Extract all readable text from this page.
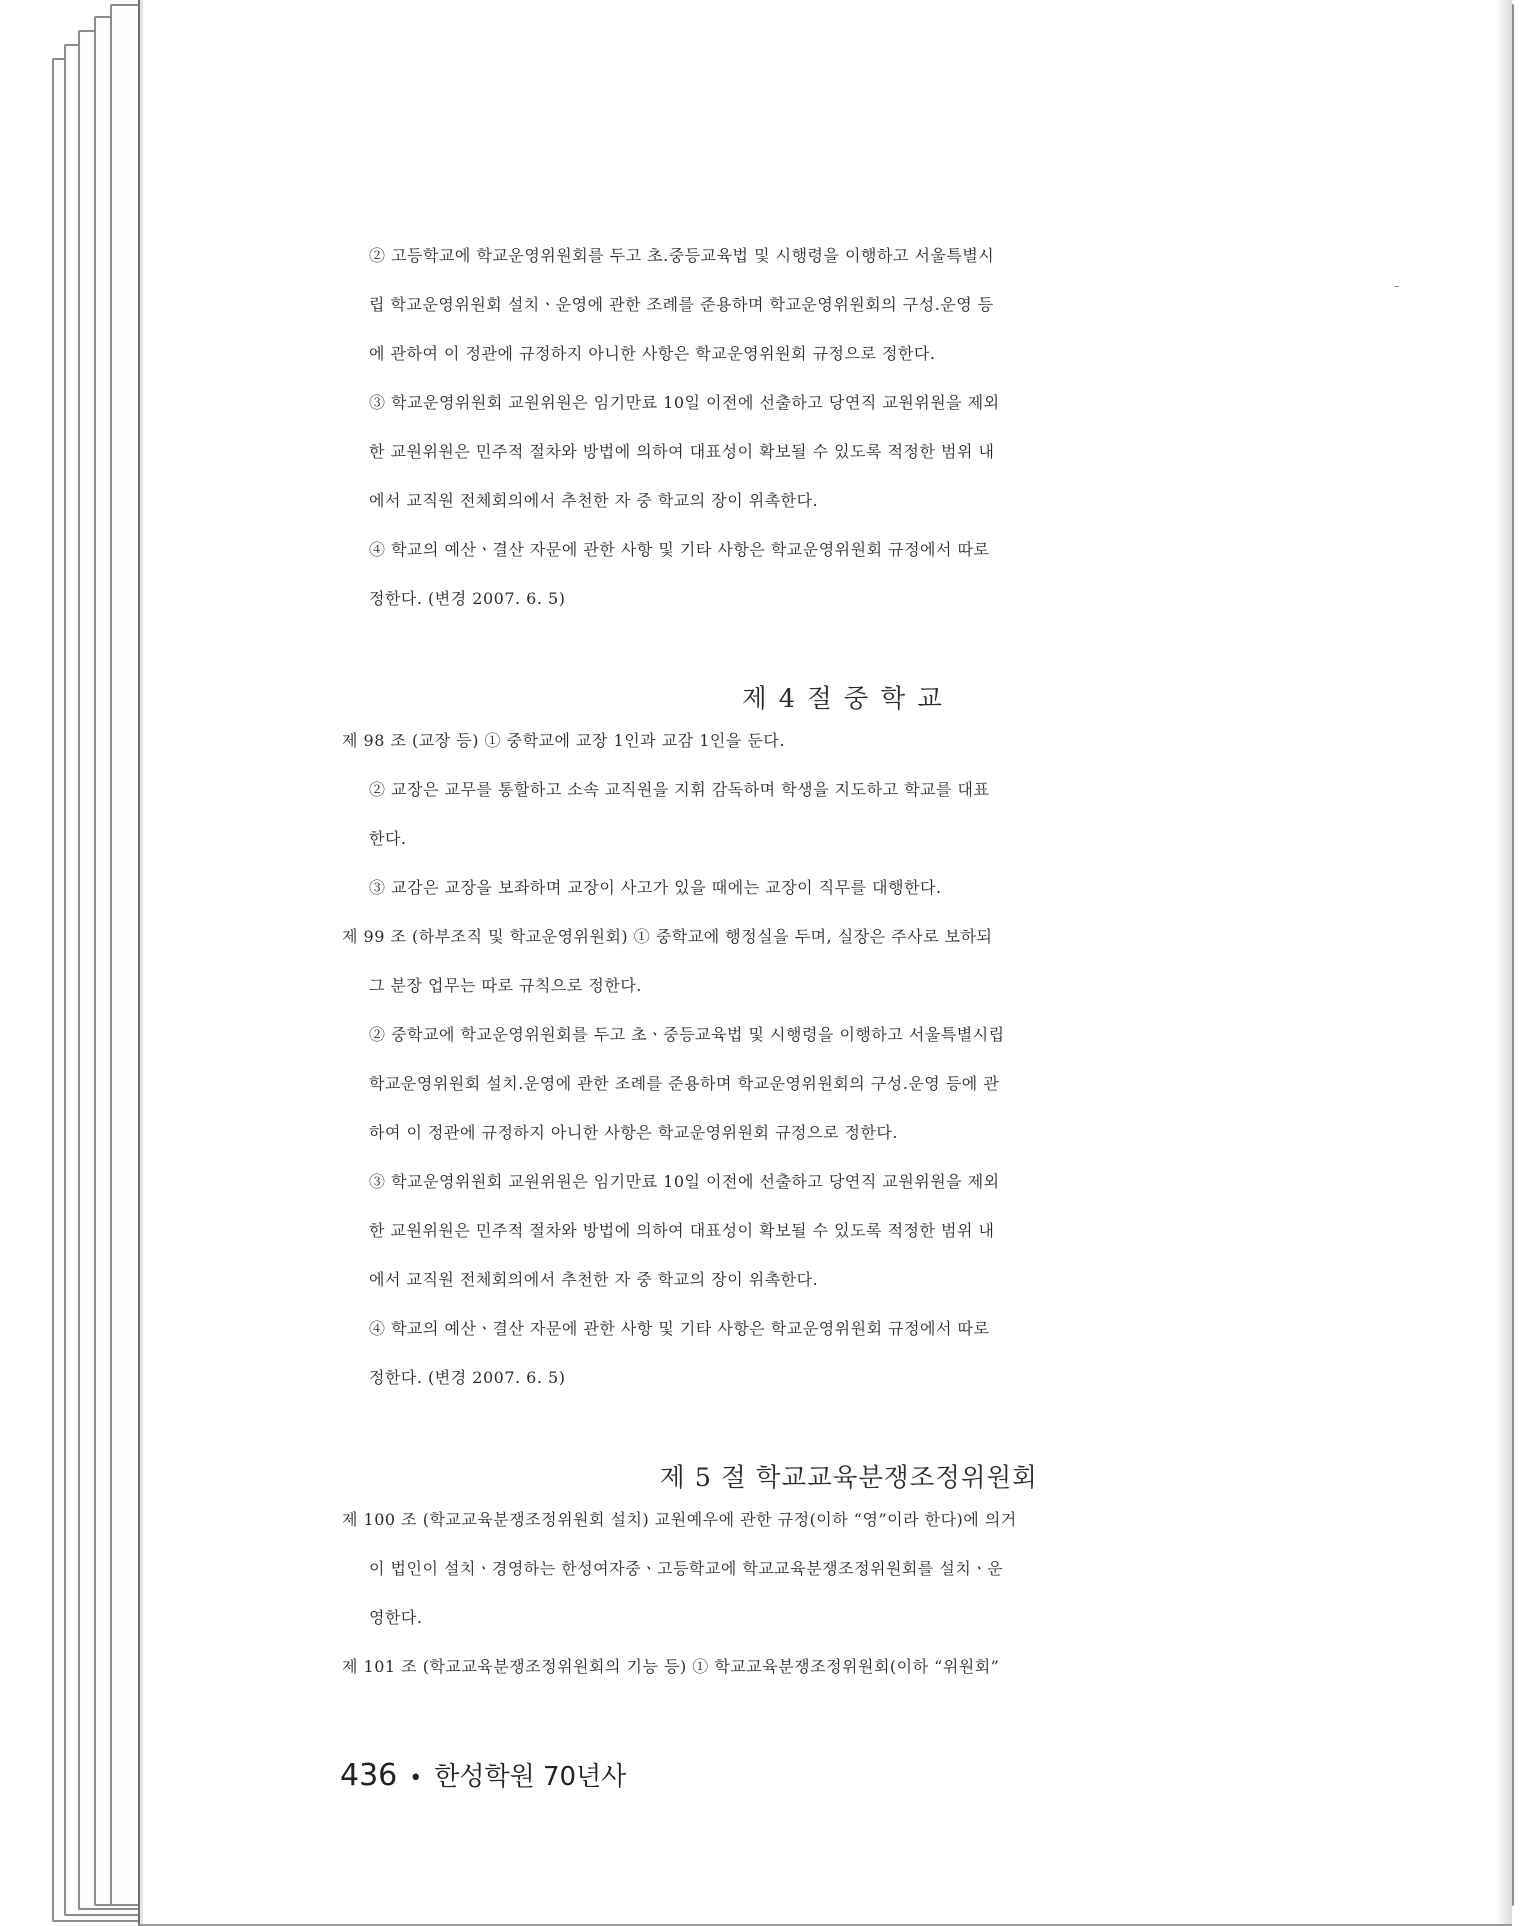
② 고등학교에 학교운영위원회를 두고 초.중등교육법 및 시행령을 이행하고 서울특별시
립 학교운영위원회 설치ㆍ운영에 관한 조례를 준용하며 학교운영위원회의 구성.운영 등
에 관하여 이 정관에 규정하지 아니한 사항은 학교운영위원회 규정으로 정한다.
③ 학교운영위원회 교원위원은 임기만료 10일 이전에 선출하고 당연직 교원위원을 제외
한 교원위원은 민주적 절차와 방법에 의하여 대표성이 확보될 수 있도록 적정한 범위 내
에서 교직원 전체회의에서 추천한 자 중 학교의 장이 위촉한다.
④ 학교의 예산ㆍ결산 자문에 관한 사항 및 기타 사항은 학교운영위원회 규정에서 따로
정한다. (변경 2007. 6. 5)
제 4 절 중 학 교
제 98 조 (교장 등) ① 중학교에 교장 1인과 교감 1인을 둔다.
② 교장은 교무를 통할하고 소속 교직원을 지휘 감독하며 학생을 지도하고 학교를 대표
한다.
③ 교감은 교장을 보좌하며 교장이 사고가 있을 때에는 교장이 직무를 대행한다.
제 99 조 (하부조직 및 학교운영위원회) ① 중학교에 행정실을 두며, 실장은 주사로 보하되
그 분장 업무는 따로 규칙으로 정한다.
② 중학교에 학교운영위원회를 두고 초ㆍ중등교육법 및 시행령을 이행하고 서울특별시립
학교운영위원회 설치.운영에 관한 조례를 준용하며 학교운영위원회의 구성.운영 등에 관
하여 이 정관에 규정하지 아니한 사항은 학교운영위원회 규정으로 정한다.
③ 학교운영위원회 교원위원은 임기만료 10일 이전에 선출하고 당연직 교원위원을 제외
한 교원위원은 민주적 절차와 방법에 의하여 대표성이 확보될 수 있도록 적정한 범위 내
에서 교직원 전체회의에서 추천한 자 중 학교의 장이 위촉한다.
④ 학교의 예산ㆍ결산 자문에 관한 사항 및 기타 사항은 학교운영위원회 규정에서 따로
정한다. (변경 2007. 6. 5)
제 5 절 학교교육분쟁조정위원회
제 100 조 (학교교육분쟁조정위원회 설치) 교원예우에 관한 규정(이하 “영”이라 한다)에 의거
이 법인이 설치ㆍ경영하는 한성여자중ㆍ고등학교에 학교교육분쟁조정위원회를 설치ㆍ운
영한다.
제 101 조 (학교교육분쟁조정위원회의 기능 등) ① 학교교육분쟁조정위원회(이하 “위원회”
436 • 한성학원 70년사
